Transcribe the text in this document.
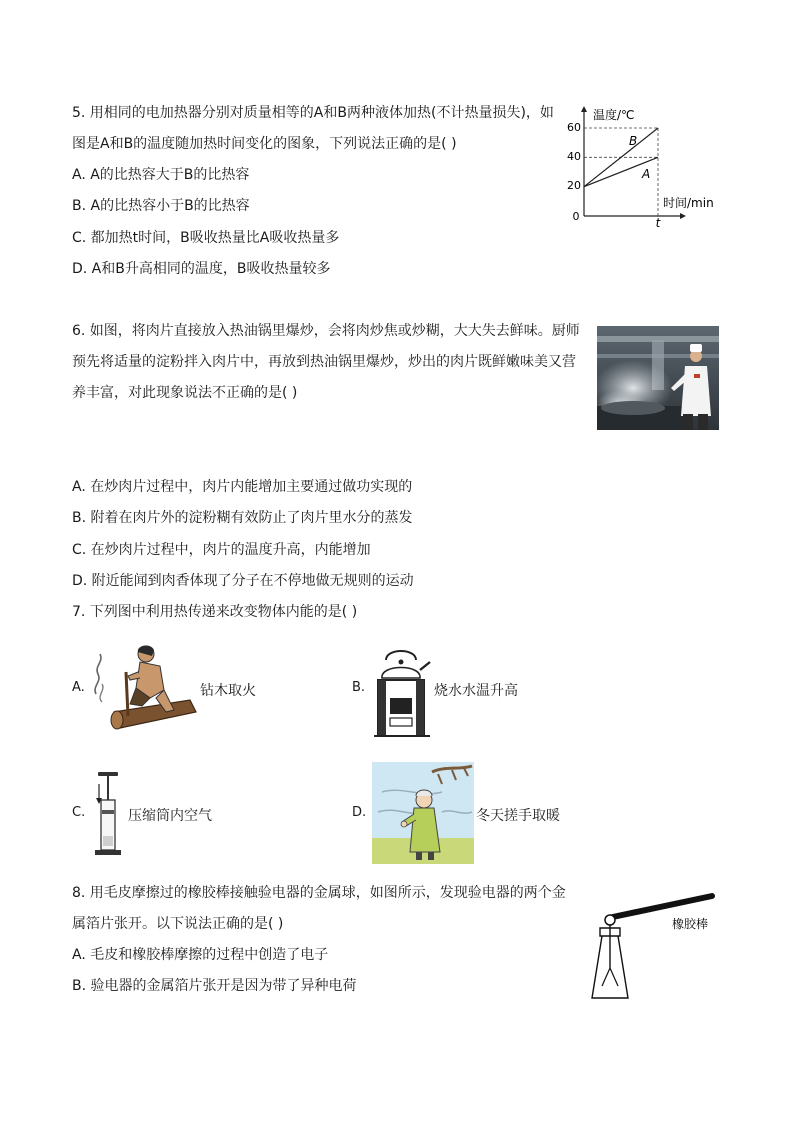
5. 用相同的电加热器分别对质量相等的A和B两种液体加热(不计热量损失)，如
图是A和B的温度随加热时间变化的图象，下列说法正确的是( )
A. A的比热容大于B的比热容
B. A的比热容小于B的比热容
C. 都加热t时间，B吸收热量比A吸收热量多
D. A和B升高相同的温度，B吸收热量较多
温度/℃
时间/min
0
20
40
60
t
B
A
6. 如图，将肉片直接放入热油锅里爆炒，会将肉炒焦或炒糊，大大失去鲜味。厨师
预先将适量的淀粉拌入肉片中，再放到热油锅里爆炒，炒出的肉片既鲜嫩味美又营
养丰富，对此现象说法不正确的是( )
A. 在炒肉片过程中，肉片内能增加主要通过做功实现的
B. 附着在肉片外的淀粉糊有效防止了肉片里水分的蒸发
C. 在炒肉片过程中，肉片的温度升高，内能增加
D. 附近能闻到肉香体现了分子在不停地做无规则的运动
7. 下列图中利用热传递来改变物体内能的是( )
A.	钻木取火	B.	烧水水温升高
C.	压缩筒内空气	D.	冬天搓手取暖
8. 用毛皮摩擦过的橡胶棒接触验电器的金属球，如图所示，发现验电器的两个金
属箔片张开。以下说法正确的是( )
A. 毛皮和橡胶棒摩擦的过程中创造了电子
B. 验电器的金属箔片张开是因为带了异种电荷
橡胶棒
